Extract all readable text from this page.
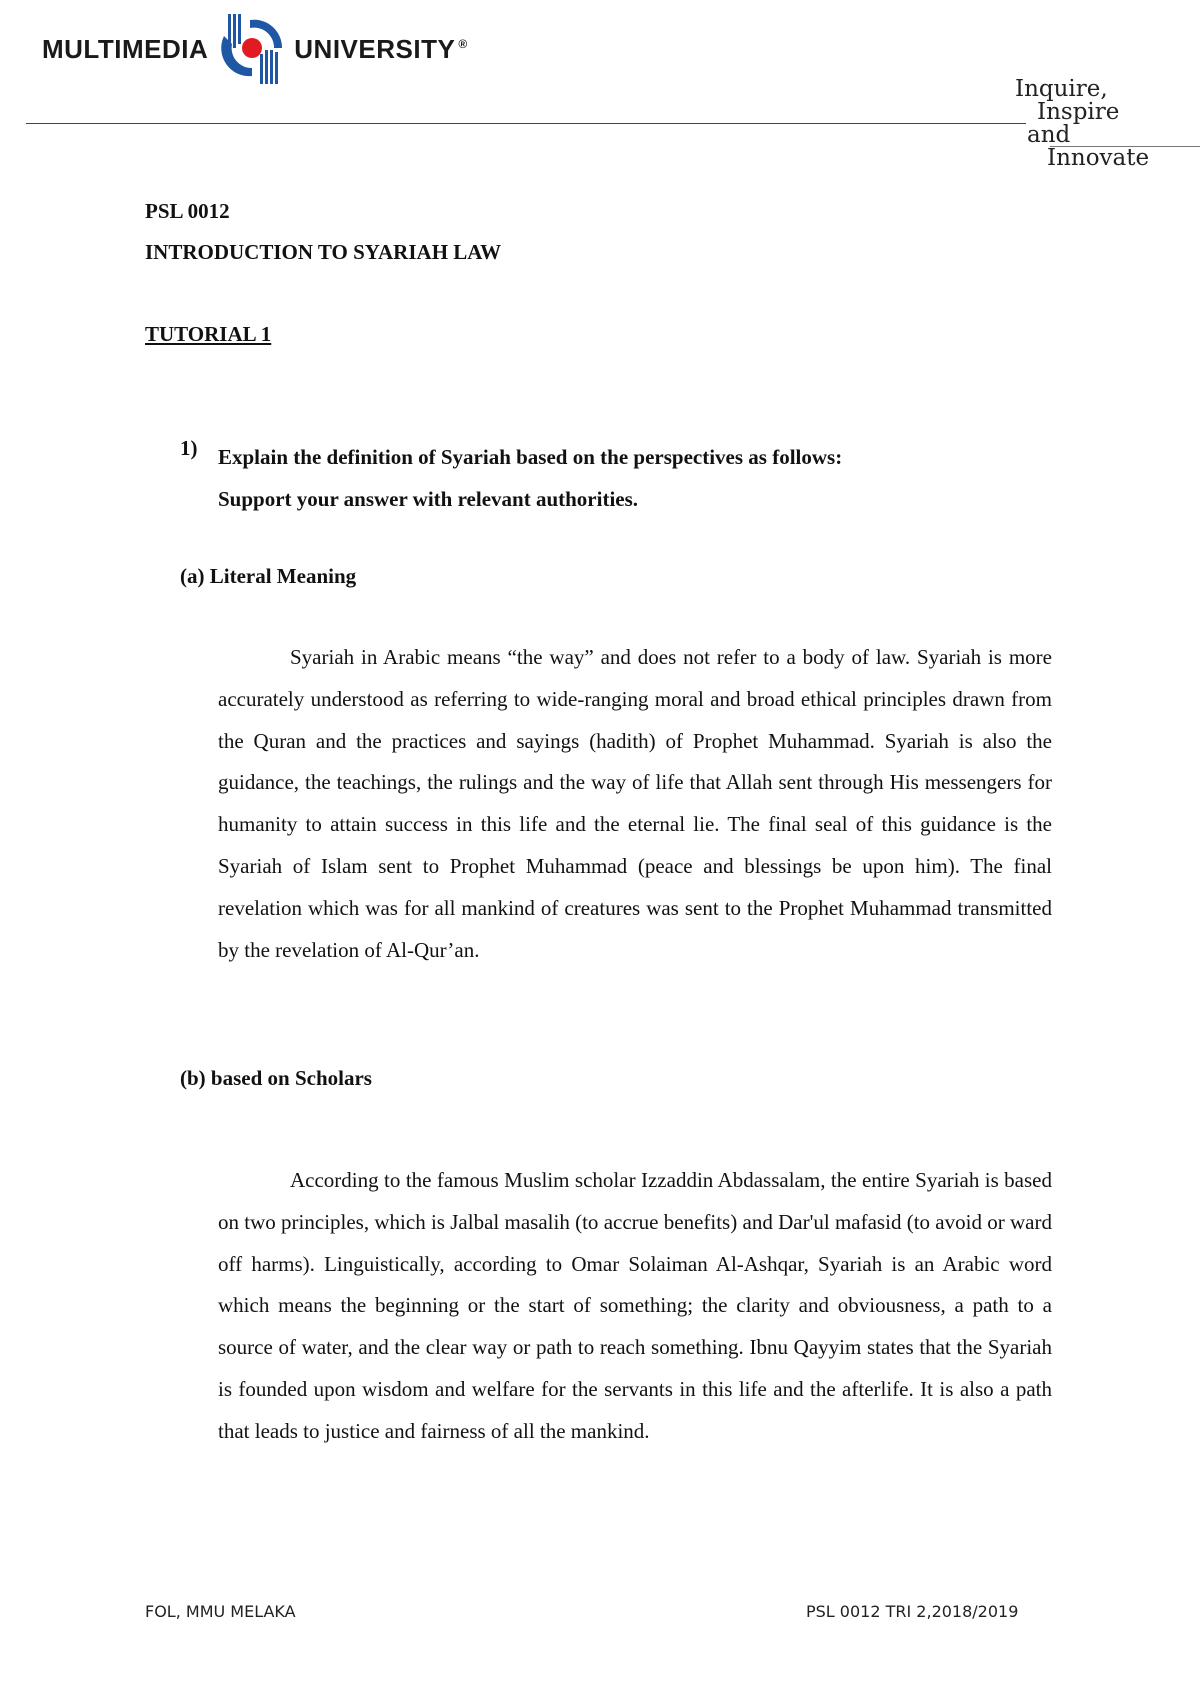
MULTIMEDIA	UNIVERSITY ®
Inquire,
Inspire
and
Innovate
PSL 0012
INTRODUCTION TO SYARIAH LAW
TUTORIAL 1
1) Explain the definition of Syariah based on the perspectives as follows:
Support your answer with relevant authorities.
(a) Literal Meaning

Syariah in Arabic means “the way” and does not refer to a body of law. Syariah is more accurately understood as referring to wide-ranging moral and broad ethical principles drawn from the Quran and the practices and sayings (hadith) of Prophet Muhammad. Syariah is also the guidance, the teachings, the rulings and the way of life that Allah sent through His messengers for humanity to attain success in this life and the eternal lie. The final seal of this guidance is the Syariah of Islam sent to Prophet Muhammad (peace and blessings be upon him). The final revelation which was for all mankind of creatures was sent to the Prophet Muhammad transmitted by the revelation of Al-Qur’an.

(b) based on Scholars

According to the famous Muslim scholar Izzaddin Abdassalam, the entire Syariah is based on two principles, which is Jalbal masalih (to accrue benefits) and Dar'ul mafasid (to avoid or ward off harms). Linguistically, according to Omar Solaiman Al-Ashqar, Syariah is an Arabic word which means the beginning or the start of something; the clarity and obviousness, a path to a source of water, and the clear way or path to reach something. Ibnu Qayyim states that the Syariah is founded upon wisdom and welfare for the servants in this life and the afterlife. It is also a path that leads to justice and fairness of all the mankind.

FOL, MMU MELAKA	PSL 0012 TRI 2,2018/2019
